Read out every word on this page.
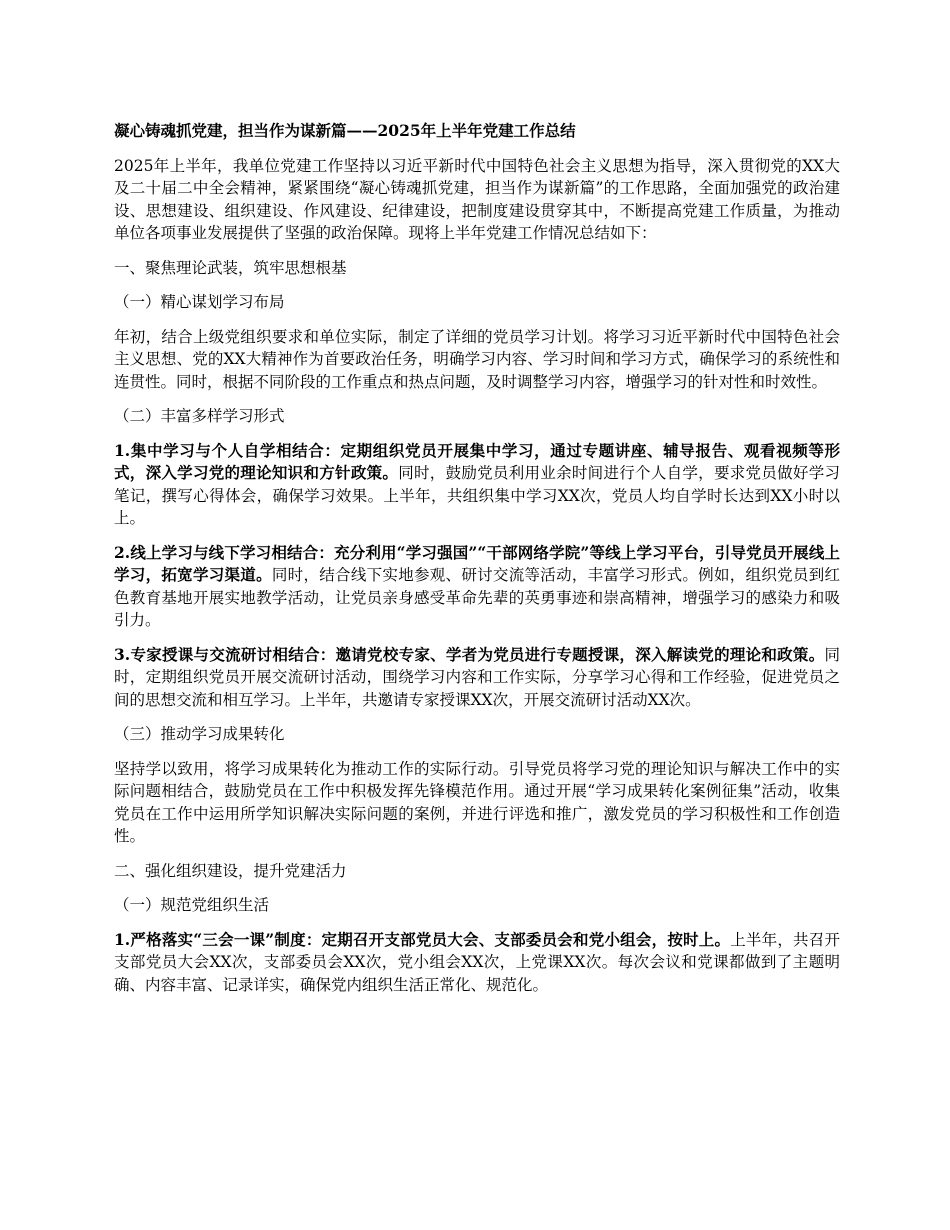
凝心铸魂抓党建，担当作为谋新篇——2025年上半年党建工作总结

2025年上半年，我单位党建工作坚持以习近平新时代中国特色社会主义思想为指导，深入贯彻党的XX大及二十届二中全会精神，紧紧围绕“凝心铸魂抓党建，担当作为谋新篇”的工作思路，全面加强党的政治建设、思想建设、组织建设、作风建设、纪律建设，把制度建设贯穿其中，不断提高党建工作质量，为推动单位各项事业发展提供了坚强的政治保障。现将上半年党建工作情况总结如下：

一、聚焦理论武装，筑牢思想根基
（一）精心谋划学习布局

年初，结合上级党组织要求和单位实际，制定了详细的党员学习计划。将学习习近平新时代中国特色社会主义思想、党的XX大精神作为首要政治任务，明确学习内容、学习时间和学习方式，确保学习的系统性和连贯性。同时，根据不同阶段的工作重点和热点问题，及时调整学习内容，增强学习的针对性和时效性。

（二）丰富多样学习形式

1.集中学习与个人自学相结合：定期组织党员开展集中学习，通过专题讲座、辅导报告、观看视频等形式，深入学习党的理论知识和方针政策。同时，鼓励党员利用业余时间进行个人自学，要求党员做好学习笔记，撰写心得体会，确保学习效果。上半年，共组织集中学习XX次，党员人均自学时长达到XX小时以上。

2.线上学习与线下学习相结合：充分利用“学习强国”“干部网络学院”等线上学习平台，引导党员开展线上学习，拓宽学习渠道。同时，结合线下实地参观、研讨交流等活动，丰富学习形式。例如，组织党员到红色教育基地开展实地教学活动，让党员亲身感受革命先辈的英勇事迹和崇高精神，增强学习的感染力和吸引力。

3.专家授课与交流研讨相结合：邀请党校专家、学者为党员进行专题授课，深入解读党的理论和政策。同时，定期组织党员开展交流研讨活动，围绕学习内容和工作实际，分享学习心得和工作经验，促进党员之间的思想交流和相互学习。上半年，共邀请专家授课XX次，开展交流研讨活动XX次。

（三）推动学习成果转化

坚持学以致用，将学习成果转化为推动工作的实际行动。引导党员将学习党的理论知识与解决工作中的实际问题相结合，鼓励党员在工作中积极发挥先锋模范作用。通过开展“学习成果转化案例征集”活动，收集党员在工作中运用所学知识解决实际问题的案例，并进行评选和推广，激发党员的学习积极性和工作创造性。

二、强化组织建设，提升党建活力
（一）规范党组织生活

1.严格落实“三会一课”制度：定期召开支部党员大会、支部委员会和党小组会，按时上。上半年，共召开支部党员大会XX次，支部委员会XX次，党小组会XX次，上党课XX次。每次会议和党课都做到了主题明确、内容丰富、记录详实，确保党内组织生活正常化、规范化。
